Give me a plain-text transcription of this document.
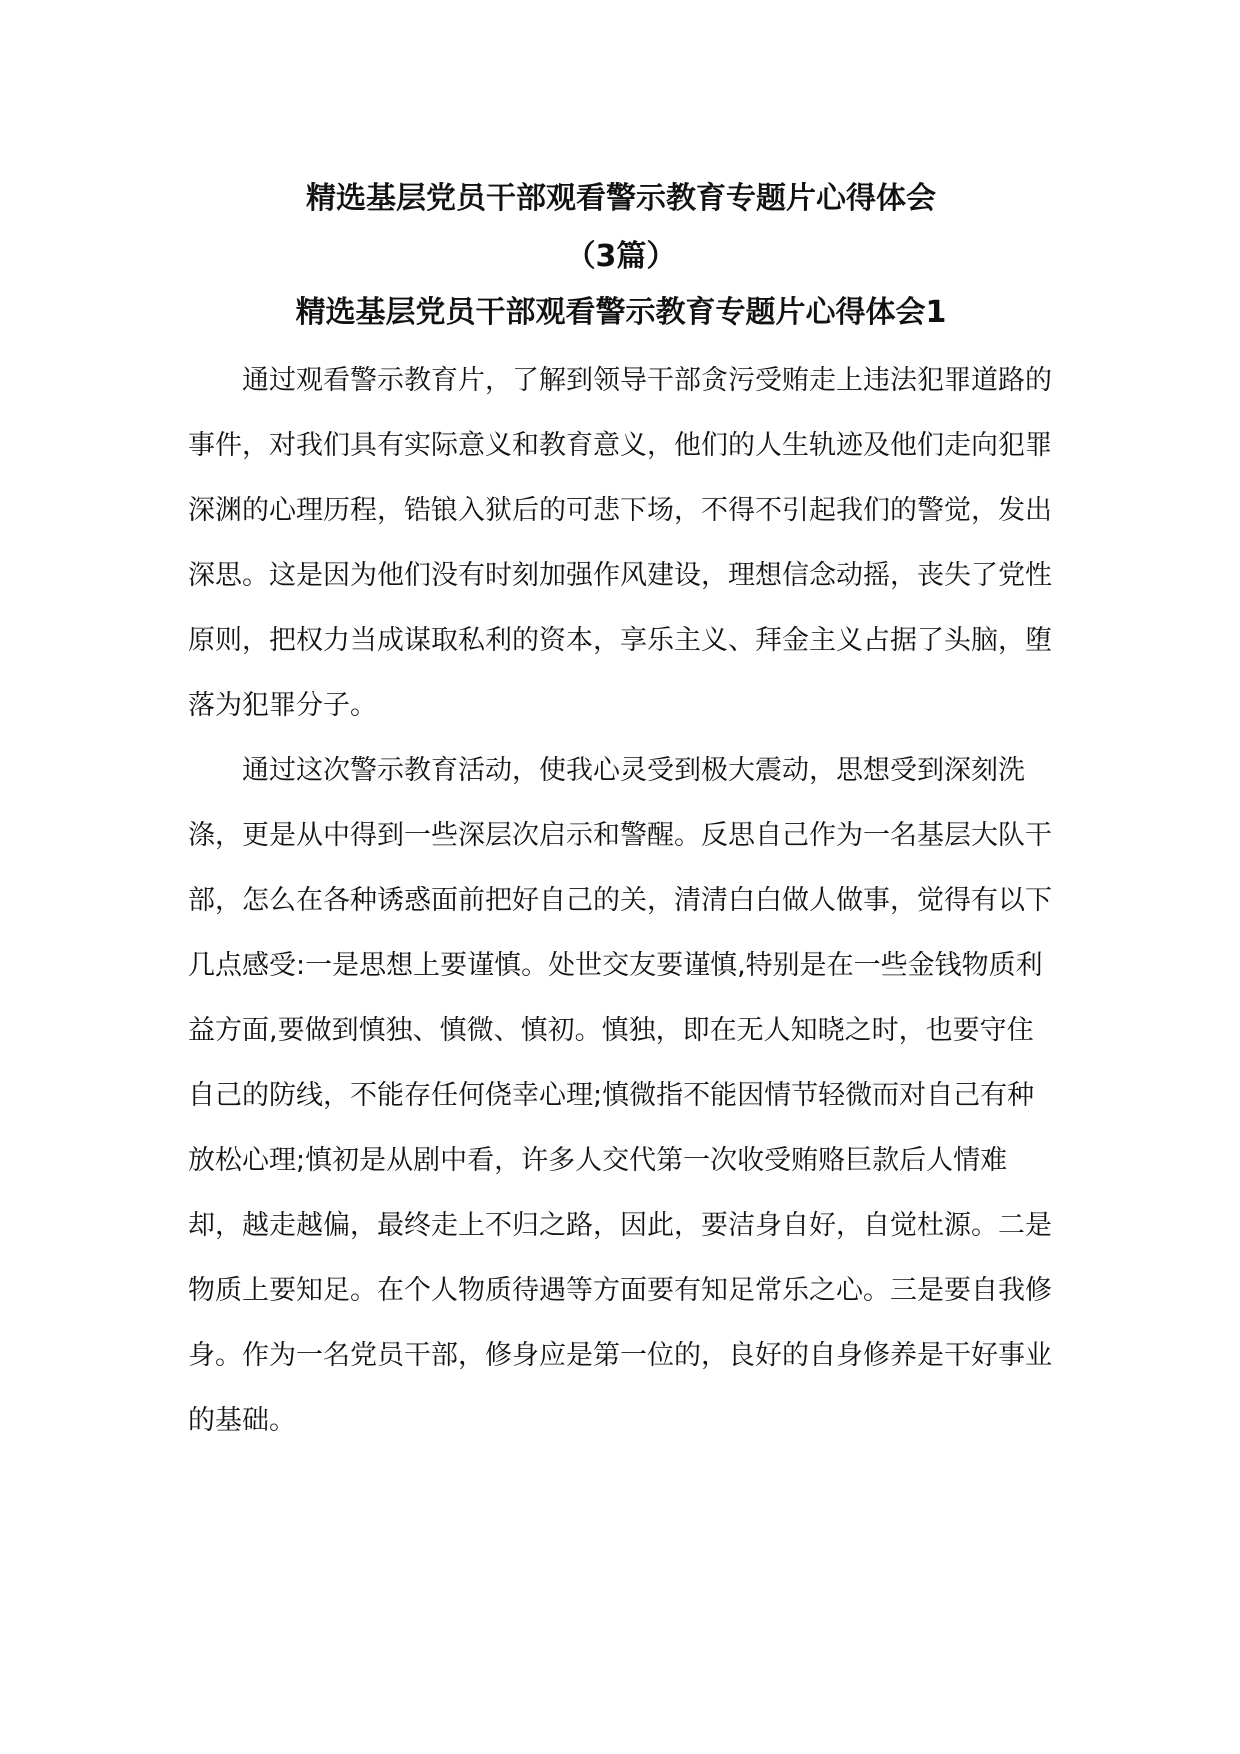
精选基层党员干部观看警示教育专题片心得体会
（3篇）
精选基层党员干部观看警示教育专题片心得体会1

通过观看警示教育片，了解到领导干部贪污受贿走上违法犯罪道路的事件，对我们具有实际意义和教育意义，他们的人生轨迹及他们走向犯罪深渊的心理历程，锆锒入狱后的可悲下场，不得不引起我们的警觉，发出深思。这是因为他们没有时刻加强作风建设，理想信念动摇，丧失了党性原则，把权力当成谋取私利的资本，享乐主义、拜金主义占据了头脑，堕落为犯罪分子。

通过这次警示教育活动，使我心灵受到极大震动，思想受到深刻洗涤，更是从中得到一些深层次启示和警醒。反思自己作为一名基层大队干部，怎么在各种诱惑面前把好自己的关，清清白白做人做事，觉得有以下几点感受:一是思想上要谨慎。处世交友要谨慎,特别是在一些金钱物质利益方面,要做到慎独、慎微、慎初。慎独，即在无人知晓之时，也要守住自己的防线，不能存任何侥幸心理;慎微指不能因情节轻微而对自己有种放松心理;慎初是从剧中看，许多人交代第一次收受贿赂巨款后人情难却，越走越偏，最终走上不归之路，因此，要洁身自好，自觉杜源。二是物质上要知足。在个人物质待遇等方面要有知足常乐之心。三是要自我修身。作为一名党员干部，修身应是第一位的，良好的自身修养是干好事业的基础。
